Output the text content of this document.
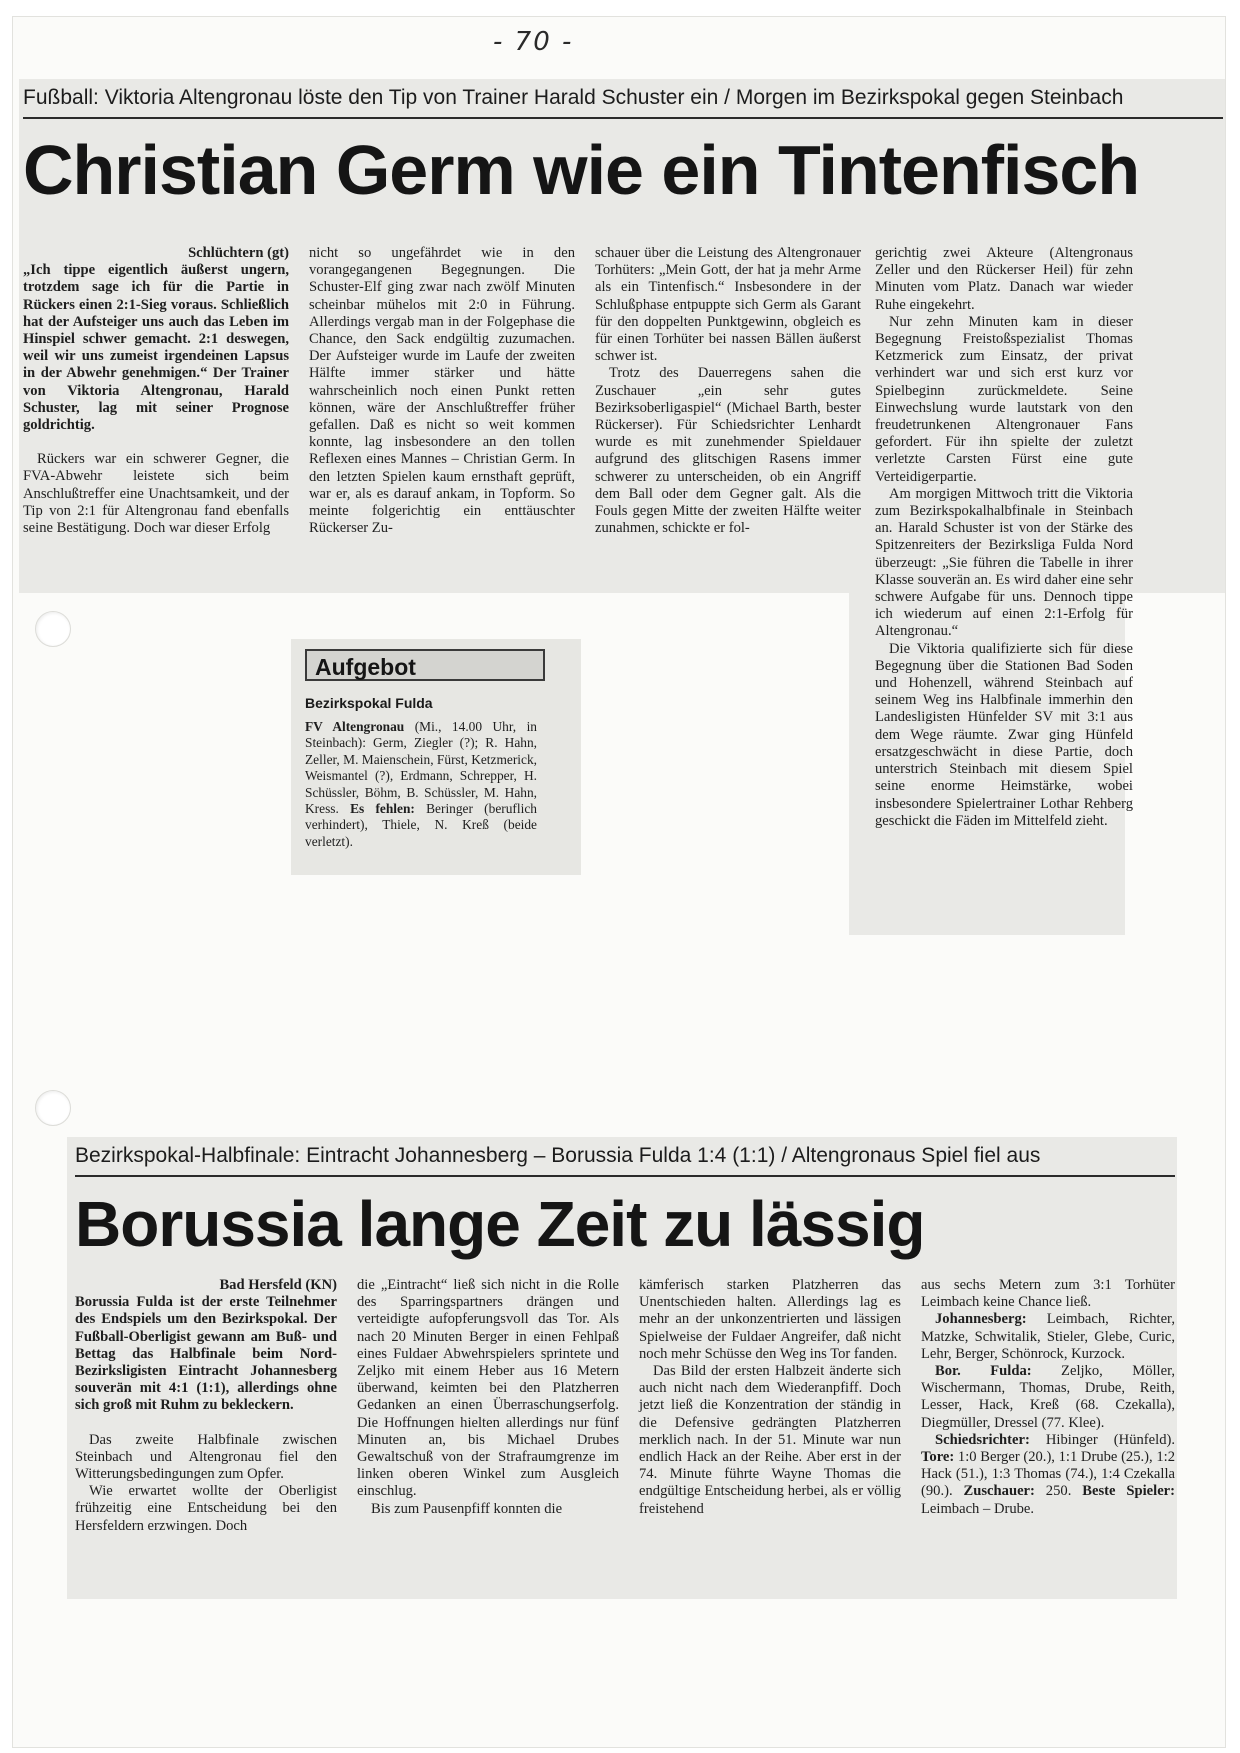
- 70 -
Fußball: Viktoria Altengronau löste den Tip von Trainer Harald Schuster ein / Morgen im Bezirkspokal gegen Steinbach
Christian Germ wie ein Tintenfisch
Schlüchtern (gt)

„Ich tippe eigentlich äußerst ungern, trotzdem sage ich für die Partie in Rückers einen 2:1-Sieg voraus. Schließlich hat der Aufsteiger uns auch das Leben im Hinspiel schwer gemacht. 2:1 deswegen, weil wir uns zumeist irgendeinen Lapsus in der Abwehr genehmigen.“ Der Trainer von Viktoria Altengronau, Harald Schuster, lag mit seiner Prognose goldrichtig.

Rückers war ein schwerer Gegner, die FVA-Abwehr leistete sich beim Anschlußtreffer eine Unachtsamkeit, und der Tip von 2:1 für Altengronau fand ebenfalls seine Bestätigung. Doch war dieser Erfolg

nicht so ungefährdet wie in den vorangegangenen Begegnungen. Die Schuster-Elf ging zwar nach zwölf Minuten scheinbar mühelos mit 2:0 in Führung. Allerdings vergab man in der Folgephase die Chance, den Sack endgültig zuzumachen. Der Aufsteiger wurde im Laufe der zweiten Hälfte immer stärker und hätte wahrscheinlich noch einen Punkt retten können, wäre der Anschlußtreffer früher gefallen. Daß es nicht so weit kommen konnte, lag insbesondere an den tollen Reflexen eines Mannes – Christian Germ. In den letzten Spielen kaum ernsthaft geprüft, war er, als es darauf ankam, in Topform. So meinte folgerichtig ein enttäuschter Rückerser Zu-

schauer über die Leistung des Altengronauer Torhüters: „Mein Gott, der hat ja mehr Arme als ein Tintenfisch.“ Insbesondere in der Schlußphase entpuppte sich Germ als Garant für den doppelten Punktgewinn, obgleich es für einen Torhüter bei nassen Bällen äußerst schwer ist.

Trotz des Dauerregens sahen die Zuschauer „ein sehr gutes Bezirksoberligaspiel“ (Michael Barth, bester Rückerser). Für Schiedsrichter Lenhardt wurde es mit zunehmender Spieldauer aufgrund des glitschigen Rasens immer schwerer zu unterscheiden, ob ein Angriff dem Ball oder dem Gegner galt. Als die Fouls gegen Mitte der zweiten Hälfte weiter zunahmen, schickte er fol-

gerichtig zwei Akteure (Altengronaus Zeller und den Rückerser Heil) für zehn Minuten vom Platz. Danach war wieder Ruhe eingekehrt.

Nur zehn Minuten kam in dieser Begegnung Freistoßspezialist Thomas Ketzmerick zum Einsatz, der privat verhindert war und sich erst kurz vor Spielbeginn zurückmeldete. Seine Einwechslung wurde lautstark von den freudetrunkenen Altengronauer Fans gefordert. Für ihn spielte der zuletzt verletzte Carsten Fürst eine gute Verteidigerpartie.

Am morgigen Mittwoch tritt die Viktoria zum Bezirkspokalhalbfinale in Steinbach an. Harald Schuster ist von der Stärke des Spitzenreiters der Bezirksliga Fulda Nord überzeugt: „Sie führen die Tabelle in ihrer Klasse souverän an. Es wird daher eine sehr schwere Aufgabe für uns. Dennoch tippe ich wiederum auf einen 2:1-Erfolg für Altengronau.“

Die Viktoria qualifizierte sich für diese Begegnung über die Stationen Bad Soden und Hohenzell, während Steinbach auf seinem Weg ins Halbfinale immerhin den Landesligisten Hünfelder SV mit 3:1 aus dem Wege räumte. Zwar ging Hünfeld ersatzgeschwächt in diese Partie, doch unterstrich Steinbach mit diesem Spiel seine enorme Heimstärke, wobei insbesondere Spielertrainer Lothar Rehberg geschickt die Fäden im Mittelfeld zieht.

Aufgebot
Bezirkspokal Fulda
FV Altengronau (Mi., 14.00 Uhr, in Steinbach): Germ, Ziegler (?); R. Hahn, Zeller, M. Maienschein, Fürst, Ketzmerick, Weismantel (?), Erdmann, Schrepper, H. Schüssler, Böhm, B. Schüssler, M. Hahn, Kress. Es fehlen: Beringer (beruflich verhindert), Thiele, N. Kreß (beide verletzt).
Bezirkspokal-Halbfinale: Eintracht Johannesberg – Borussia Fulda 1:4 (1:1) / Altengronaus Spiel fiel aus
Borussia lange Zeit zu lässig
Bad Hersfeld (KN)

Borussia Fulda ist der erste Teilnehmer des Endspiels um den Bezirkspokal. Der Fußball-Oberligist gewann am Buß- und Bettag das Halbfinale beim Nord-Bezirksligisten Eintracht Johannesberg souverän mit 4:1 (1:1), allerdings ohne sich groß mit Ruhm zu bekleckern.

Das zweite Halbfinale zwischen Steinbach und Altengronau fiel den Witterungsbedingungen zum Opfer.

Wie erwartet wollte der Oberligist frühzeitig eine Entscheidung bei den Hersfeldern erzwingen. Doch

die „Eintracht“ ließ sich nicht in die Rolle des Sparringspartners drängen und verteidigte aufopferungsvoll das Tor. Als nach 20 Minuten Berger in einen Fehlpaß eines Fuldaer Abwehrspielers sprintete und Zeljko mit einem Heber aus 16 Metern überwand, keimten bei den Platzherren Gedanken an einen Überraschungserfolg. Die Hoffnungen hielten allerdings nur fünf Minuten an, bis Michael Drubes Gewaltschuß von der Strafraumgrenze im linken oberen Winkel zum Ausgleich einschlug.

Bis zum Pausenpfiff konnten die

kämferisch starken Platzherren das Unentschieden halten. Allerdings lag es mehr an der unkonzentrierten und lässigen Spielweise der Fuldaer Angreifer, daß nicht noch mehr Schüsse den Weg ins Tor fanden.

Das Bild der ersten Halbzeit änderte sich auch nicht nach dem Wiederanpfiff. Doch jetzt ließ die Konzentration der ständig in die Defensive gedrängten Platzherren merklich nach. In der 51. Minute war nun endlich Hack an der Reihe. Aber erst in der 74. Minute führte Wayne Thomas die endgültige Entscheidung herbei, als er völlig freistehend

aus sechs Metern zum 3:1 Torhüter Leimbach keine Chance ließ.

Johannesberg: Leimbach, Richter, Matzke, Schwitalik, Stieler, Glebe, Curic, Lehr, Berger, Schönrock, Kurzock.

Bor. Fulda: Zeljko, Möller, Wischermann, Thomas, Drube, Reith, Lesser, Hack, Kreß (68. Czekalla), Diegmüller, Dressel (77. Klee).

Schiedsrichter: Hibinger (Hünfeld). Tore: 1:0 Berger (20.), 1:1 Drube (25.), 1:2 Hack (51.), 1:3 Thomas (74.), 1:4 Czekalla (90.). Zuschauer: 250. Beste Spieler: Leimbach – Drube.
